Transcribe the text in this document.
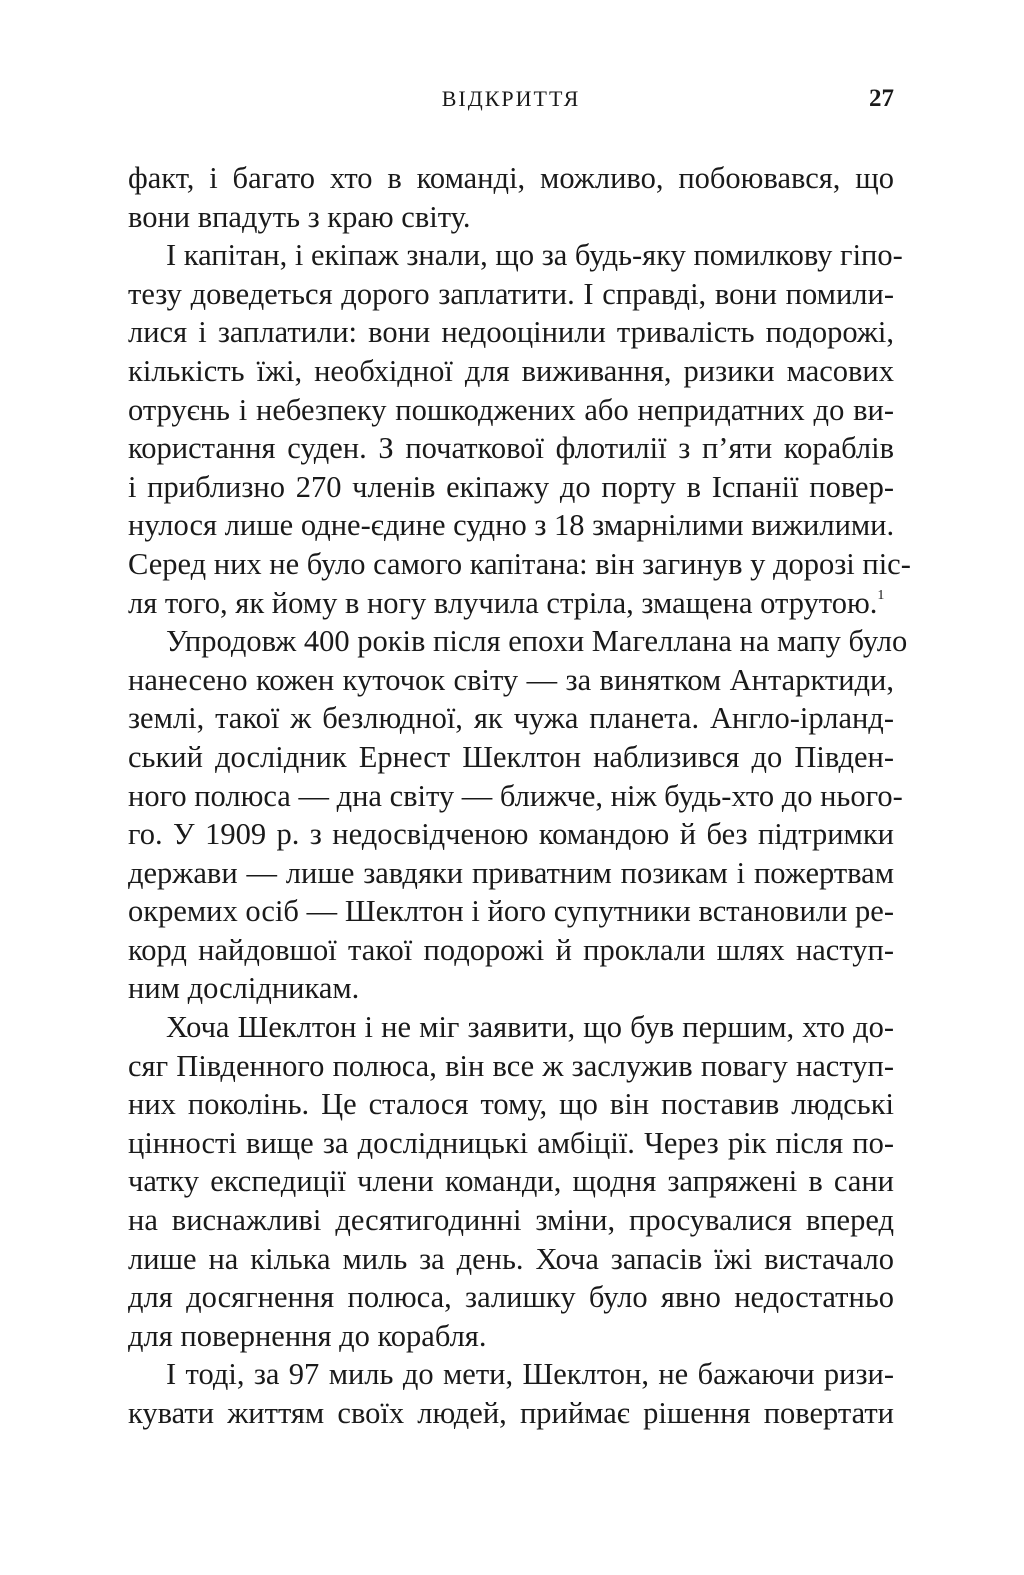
ВІДКРИТТЯ	27
факт, і багато хто в команді, можливо, побоювався, що
вони впадуть з краю світу.
І капітан, і екіпаж знали, що за будь-яку помилкову гіпо-
тезу доведеться дорого заплатити. І справді, вони помили-
лися і заплатили: вони недооцінили тривалість подорожі,
кількість їжі, необхідної для виживання, ризики масових
отруєнь і небезпеку пошкоджених або непридатних до ви-
користання суден. З початкової флотилії з п’яти кораблів
і приблизно 270 членів екіпажу до порту в Іспанії повер-
нулося лише одне-єдине судно з 18 змарнілими вижилими.
Серед них не було самого капітана: він загинув у дорозі піс-
ля того, як йому в ногу влучила стріла, змащена отрутою.$^1$
Упродовж 400 років після епохи Магеллана на мапу було
нанесено кожен куточок світу — за винятком Антарктиди,
землі, такої ж безлюдної, як чужа планета. Англо-ірланд-
ський дослідник Ернест Шеклтон наблизився до Півден-
ного полюса — дна світу — ближче, ніж будь-хто до нього-
го. У 1909 р. з недосвідченою командою й без підтримки
держави — лише завдяки приватним позикам і пожертвам
окремих осіб — Шеклтон і його супутники встановили ре-
корд найдовшої такої подорожі й проклали шлях наступ-
ним дослідникам.
Хоча Шеклтон і не міг заявити, що був першим, хто до-
сяг Південного полюса, він все ж заслужив повагу наступ-
них поколінь. Це сталося тому, що він поставив людські
цінності вище за дослідницькі амбіції. Через рік після по-
чатку експедиції члени команди, щодня запряжені в сани
на виснажливі десятигодинні зміни, просувалися вперед
лише на кілька миль за день. Хоча запасів їжі вистачало
для досягнення полюса, залишку було явно недостатньо
для повернення до корабля.
І тоді, за 97 миль до мети, Шеклтон, не бажаючи ризи-
кувати життям своїх людей, приймає рішення повертати
